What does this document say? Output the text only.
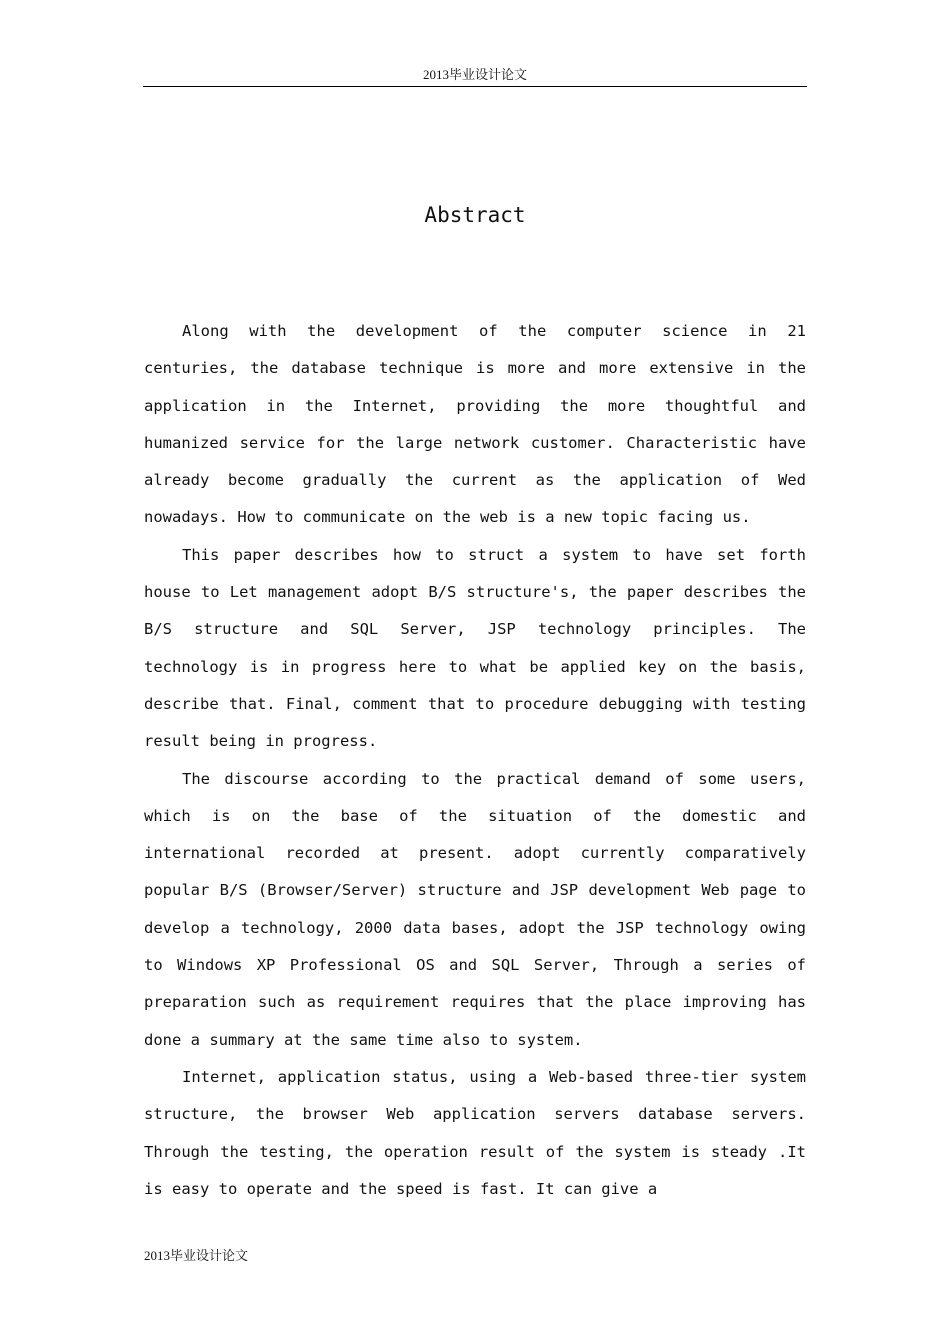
2013毕业设计论文
Abstract

Along with the development of the computer science in 21 centuries, the database technique is more and more extensive in the application in the Internet, providing the more thoughtful and humanized service for the large network customer. Characteristic have already become gradually the current as the application of Wed nowadays. How to communicate on the web is a new topic facing us.

This paper describes how to struct a system to have set forth house to Let management adopt B/S structure's, the paper describes the B/S structure and SQL Server, JSP technology principles. The technology is in progress here to what be applied key on the basis, describe that. Final, comment that to procedure debugging with testing result being in progress.

The discourse according to the practical demand of some users, which is on the base of the situation of the domestic and international recorded at present. adopt currently comparatively popular B/S (Browser/Server) structure and JSP development Web page to develop a technology, 2000 data bases, adopt the JSP technology owing to Windows XP Professional OS and SQL Server, Through a series of preparation such as requirement requires that the place improving has done a summary at the same time also to system.

Internet, application status, using a Web-based three-tier system structure, the browser Web application servers database servers. Through the testing, the operation result of the system is steady .It is easy to operate and the speed is fast. It can give a

2013毕业设计论文
